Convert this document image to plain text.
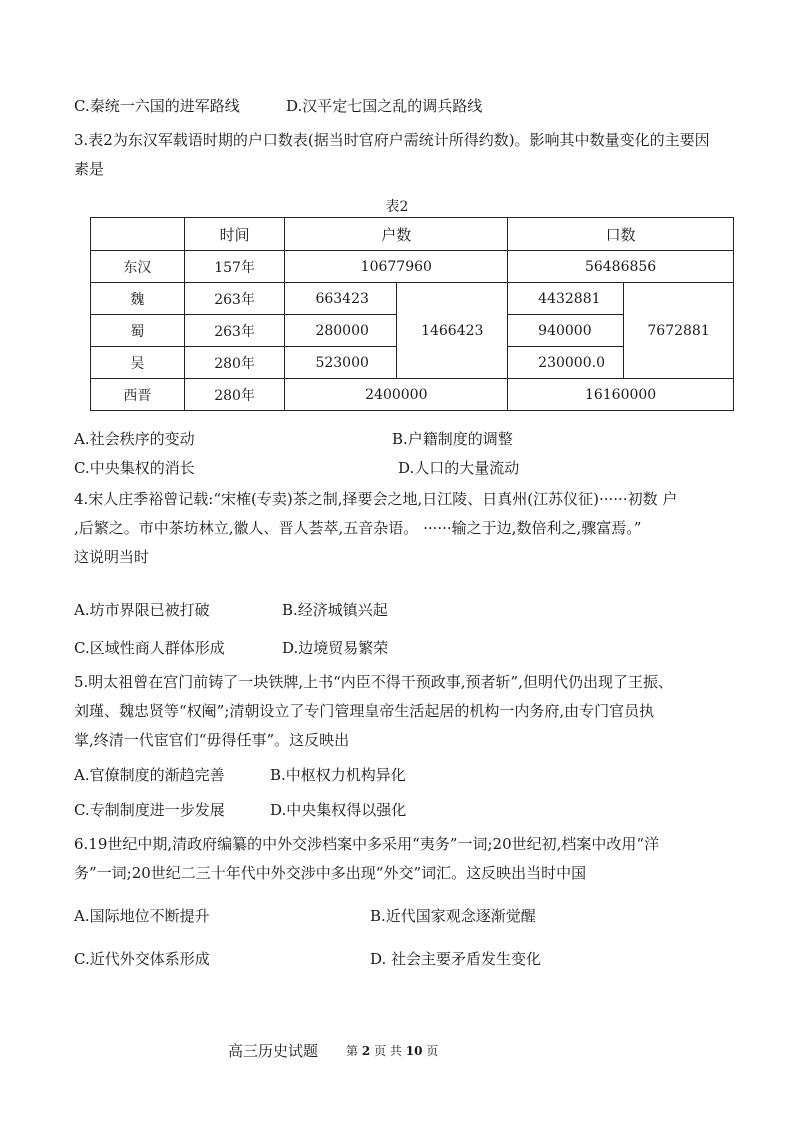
C.秦统一六国的进军路线	D.汉平定七国之乱的调兵路线
3.表2为东汉军载语时期的户口数表(据当时官府户需统计所得约数)。影响其中数量变化的主要因
素是
表2
	时间	户数		口数	
东汉	157年	10677960		56486856	
魏	263年	663423	1466423	4432881	7672881
蜀	263年	280000		940000	
吴	280年	523000		230000.0	
西晋	280年	2400000		16160000	
A.社会秩序的变动	B.户籍制度的调整
C.中央集权的消长	D.人口的大量流动
4.宋人庄季裕曾记载:“宋榷(专卖)茶之制,择要会之地,日江陵、日真州(江苏仪征)······初数 户
,后繁之。市中茶坊林立,徽人、晋人荟萃,五音杂语。 ······输之于边,数倍利之,骤富焉。”
这说明当时
A.坊市界限已被打破	B.经济城镇兴起
C.区域性商人群体形成	D.边境贸易繁荣
5.明太祖曾在宫门前铸了一块铁牌,上书“内臣不得干预政事,预者斩”,但明代仍出现了王振、
刘瑾、魏忠贤等“权阉”;清朝设立了专门管理皇帝生活起居的机构一内务府,由专门官员执
掌,终清一代宦官们“毋得任事”。这反映出
A.官僚制度的渐趋完善	B.中枢权力机构异化
C.专制制度进一步发展	D.中央集权得以强化
6.19世纪中期,清政府编纂的中外交涉档案中多采用“夷务”一词;20世纪初,档案中改用“洋
务”一词;20世纪二三十年代中外交涉中多出现“外交”词汇。这反映出当时中国
A.国际地位不断提升	B.近代国家观念逐渐觉醒
C.近代外交体系形成	D. 社会主要矛盾发生变化
高三历史试题 第 2 页 共 10 页
